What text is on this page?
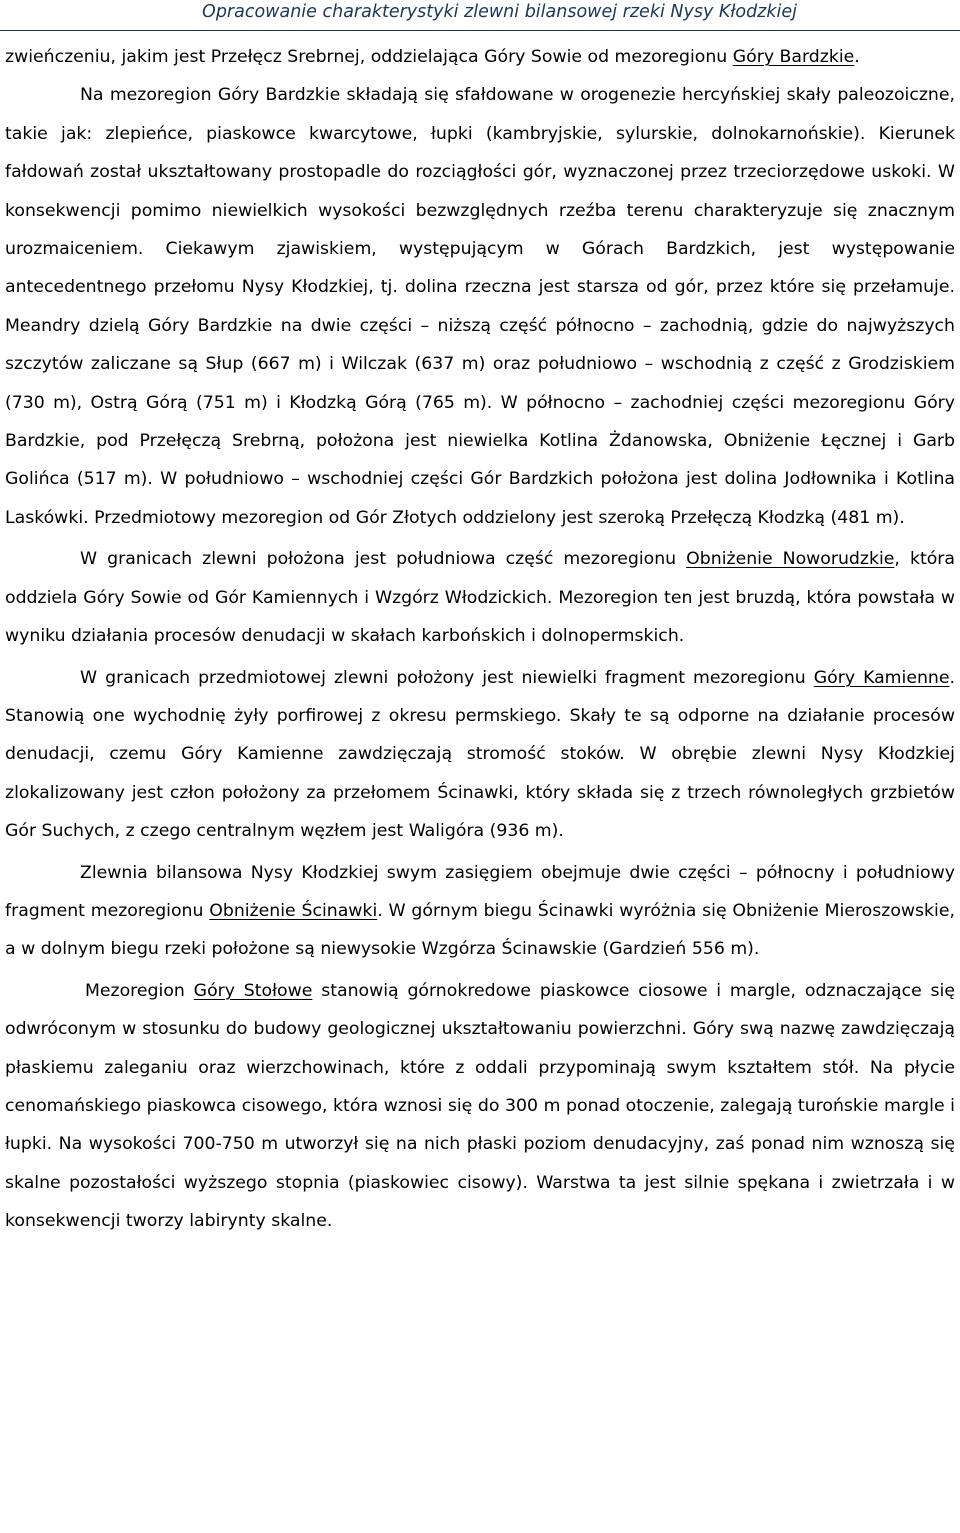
Opracowanie charakterystyki zlewni bilansowej rzeki Nysy Kłodzkiej

zwieńczeniu, jakim jest Przełęcz Srebrnej, oddzielająca Góry Sowie od mezoregionu Góry Bardzkie.

Na mezoregion Góry Bardzkie składają się sfałdowane w orogenezie hercyńskiej skały paleozoiczne, takie jak: zlepieńce, piaskowce kwarcytowe, łupki (kambryjskie, sylurskie, dolnokarnońskie). Kierunek fałdowań został ukształtowany prostopadle do rozciągłości gór, wyznaczonej przez trzeciorzędowe uskoki. W konsekwencji pomimo niewielkich wysokości bezwzględnych rzeźba terenu charakteryzuje się znacznym urozmaiceniem. Ciekawym zjawiskiem, występującym w Górach Bardzkich, jest występowanie antecedentnego przełomu Nysy Kłodzkiej, tj. dolina rzeczna jest starsza od gór, przez które się przełamuje. Meandry dzielą Góry Bardzkie na dwie części – niższą część północno – zachodnią, gdzie do najwyższych szczytów zaliczane są Słup (667 m) i Wilczak (637 m) oraz południowo – wschodnią z część z Grodziskiem (730 m), Ostrą Górą (751 m) i Kłodzką Górą (765 m). W północno – zachodniej części mezoregionu Góry Bardzkie, pod Przełęczą Srebrną, położona jest niewielka Kotlina Żdanowska, Obniżenie Łęcznej i Garb Golińca (517 m). W południowo – wschodniej części Gór Bardzkich położona jest dolina Jodłownika i Kotlina Laskówki. Przedmiotowy mezoregion od Gór Złotych oddzielony jest szeroką Przełęczą Kłodzką (481 m).

W granicach zlewni położona jest południowa część mezoregionu Obniżenie Noworudzkie, która oddziela Góry Sowie od Gór Kamiennych i Wzgórz Włodzickich. Mezoregion ten jest bruzdą, która powstała w wyniku działania procesów denudacji w skałach karbońskich i dolnopermskich.

W granicach przedmiotowej zlewni położony jest niewielki fragment mezoregionu Góry Kamienne. Stanowią one wychodnię żyły porfirowej z okresu permskiego. Skały te są odporne na działanie procesów denudacji, czemu Góry Kamienne zawdzięczają stromość stoków. W obrębie zlewni Nysy Kłodzkiej zlokalizowany jest człon położony za przełomem Ścinawki, który składa się z trzech równoległych grzbietów Gór Suchych, z czego centralnym węzłem jest Waligóra (936 m).

Zlewnia bilansowa Nysy Kłodzkiej swym zasięgiem obejmuje dwie części – północny i południowy fragment mezoregionu Obniżenie Ścinawki. W górnym biegu Ścinawki wyróżnia się Obniżenie Mieroszowskie, a w dolnym biegu rzeki położone są niewysokie Wzgórza Ścinawskie (Gardzień 556 m).

Mezoregion Góry Stołowe stanowią górnokredowe piaskowce ciosowe i margle, odznaczające się odwróconym w stosunku do budowy geologicznej ukształtowaniu powierzchni. Góry swą nazwę zawdzięczają płaskiemu zaleganiu oraz wierzchowinach, które z oddali przypominają swym kształtem stół. Na płycie cenomańskiego piaskowca cisowego, która wznosi się do 300 m ponad otoczenie, zalegają turońskie margle i łupki. Na wysokości 700-750 m utworzył się na nich płaski poziom denudacyjny, zaś ponad nim wznoszą się skalne pozostałości wyższego stopnia (piaskowiec cisowy). Warstwa ta jest silnie spękana i zwietrzała i w konsekwencji tworzy labirynty skalne.
